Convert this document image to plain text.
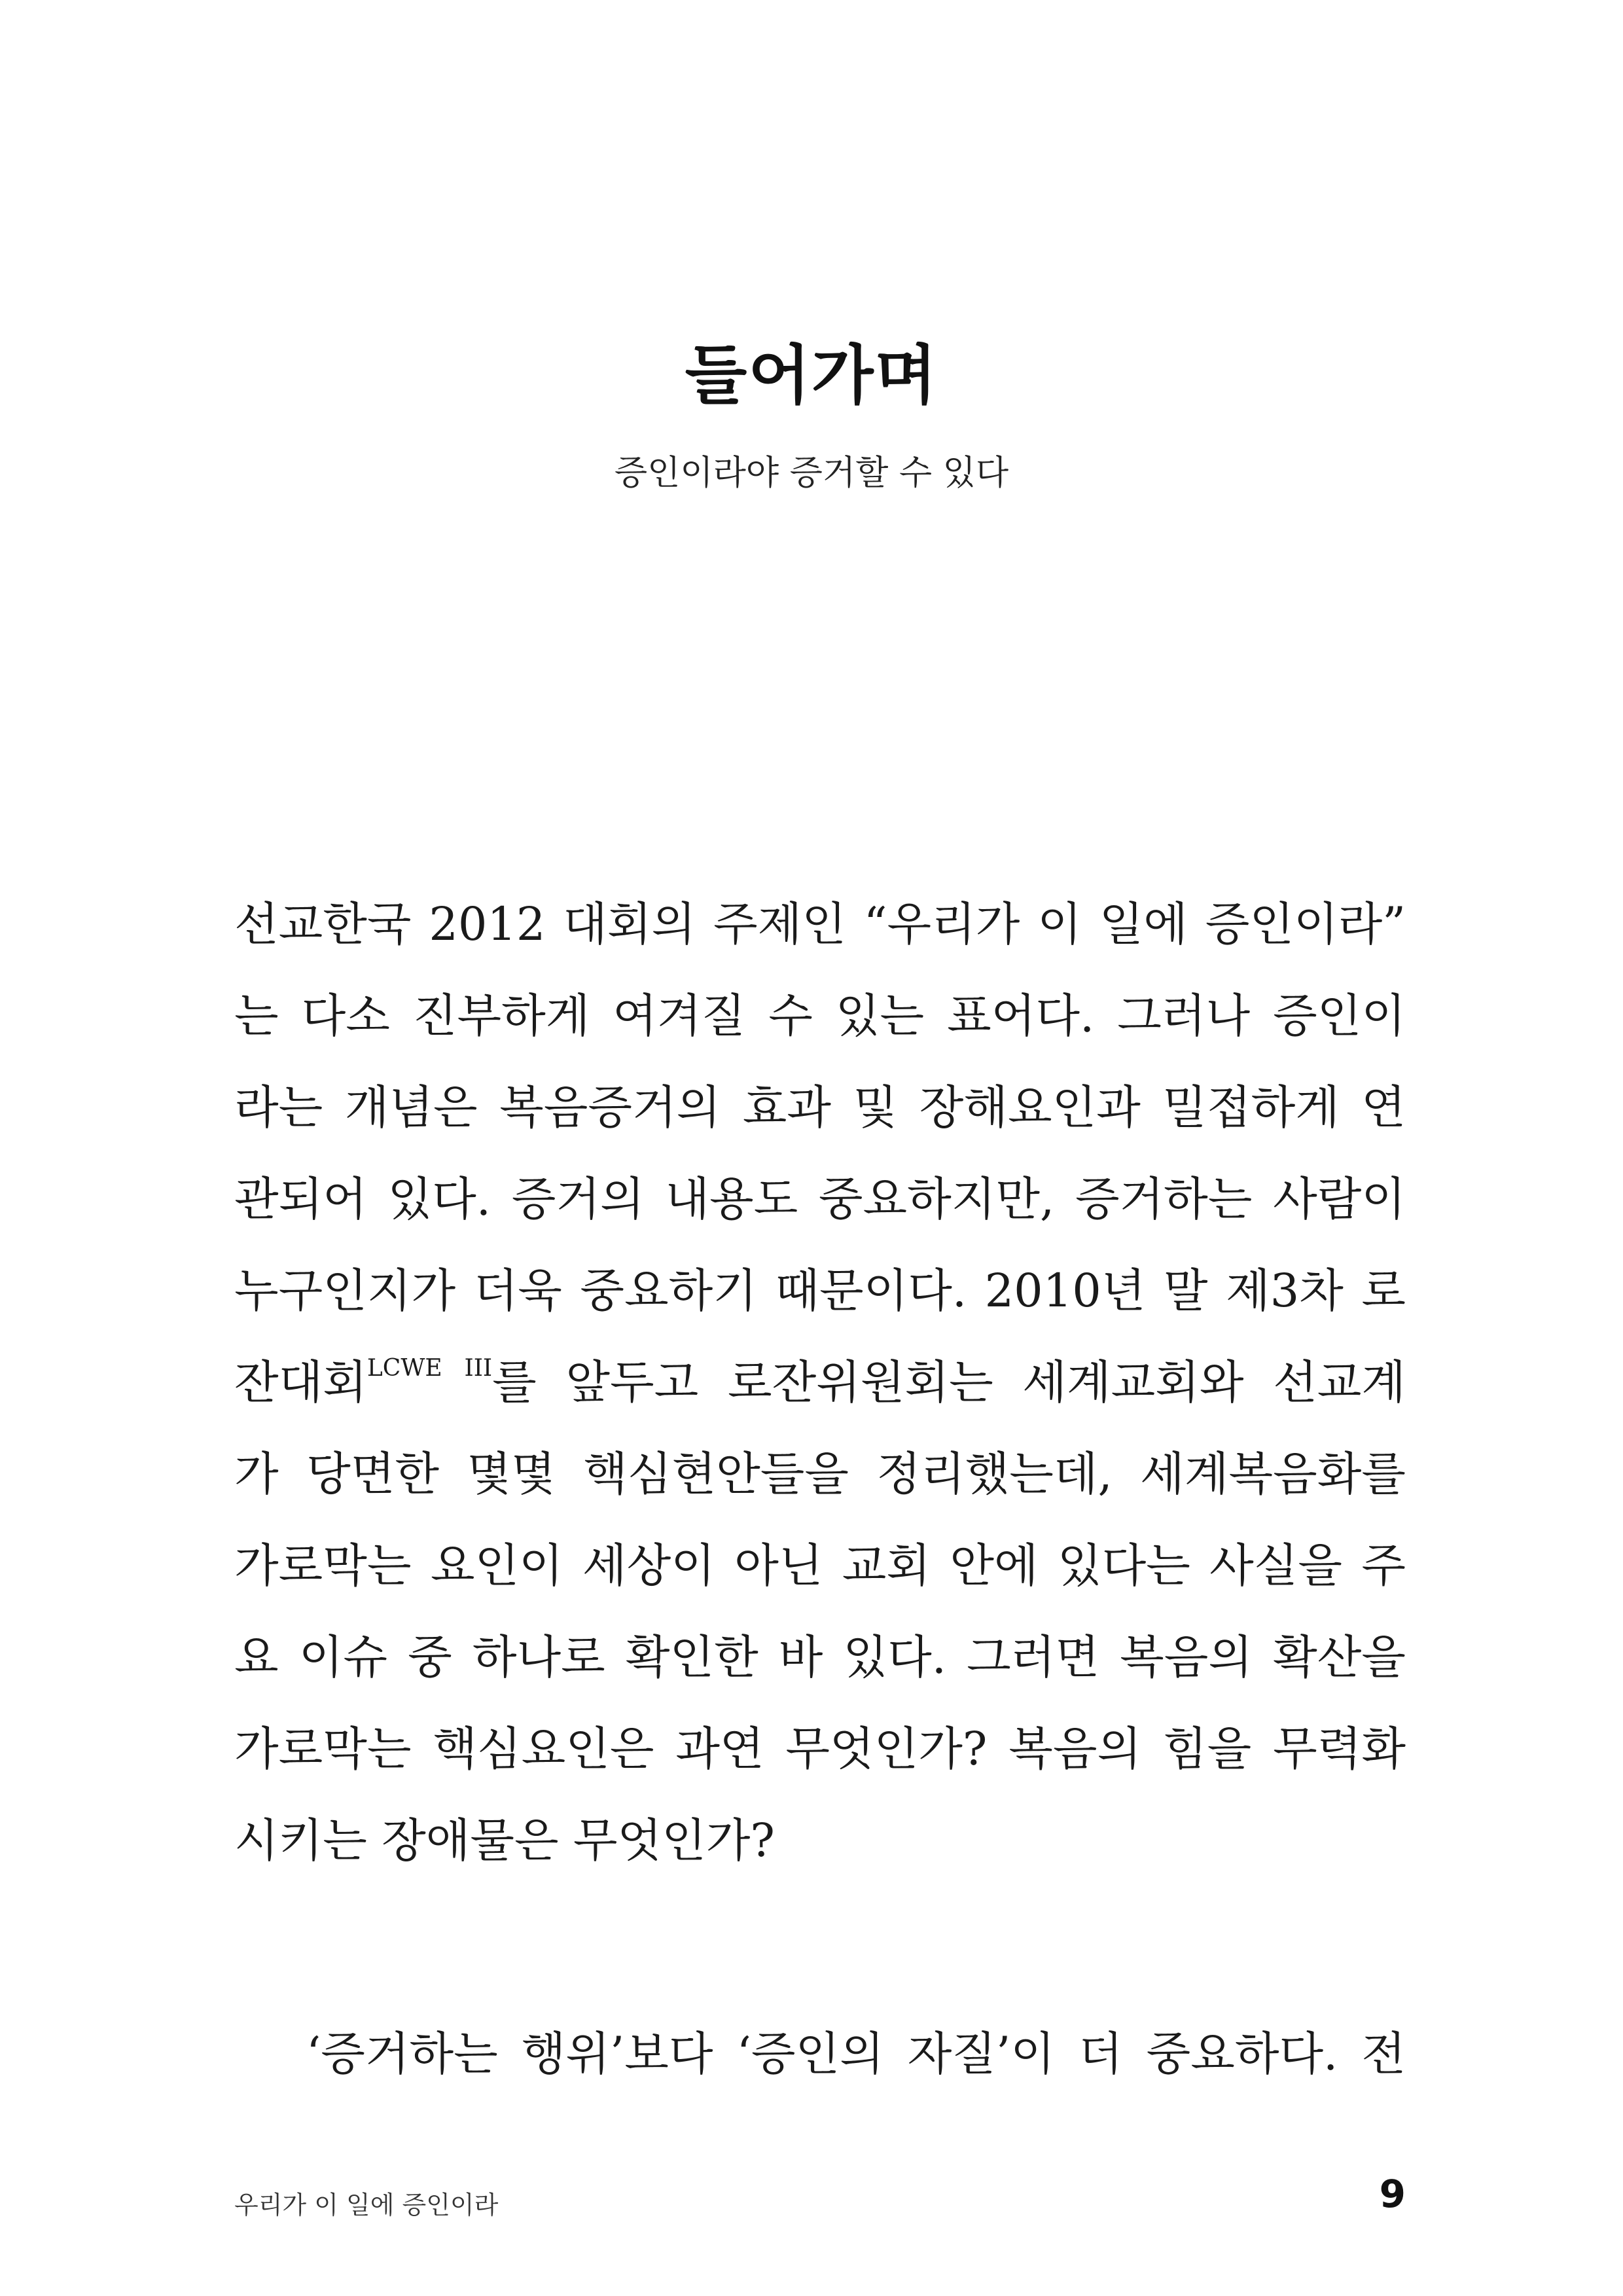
들어가며
증인이라야 증거할 수 있다
선교한국 2012 대회의 주제인 “우리가 이 일에 증인이라”
는 다소 진부하게 여겨질 수 있는 표어다. 그러나 증인이
라는 개념은 복음증거의 효과 및 장해요인과 밀접하게 연
관되어 있다. 증거의 내용도 중요하지만, 증거하는 사람이
누구인지가 더욱 중요하기 때문이다. 2010년 말 제3차 로
잔대회$^{LCWE III}$를 앞두고 로잔위원회는 세계교회와 선교계
가 당면한 몇몇 핵심현안들을 정리했는데, 세계복음화를
가로막는 요인이 세상이 아닌 교회 안에 있다는 사실을 주
요 이슈 중 하나로 확인한 바 있다. 그러면 복음의 확산을
가로막는 핵심요인은 과연 무엇인가? 복음의 힘을 무력화
시키는 장애물은 무엇인가?
‘증거하는 행위’보다 ‘증인의 자질’이 더 중요하다. 전
우리가 이 일에 증인이라	9
